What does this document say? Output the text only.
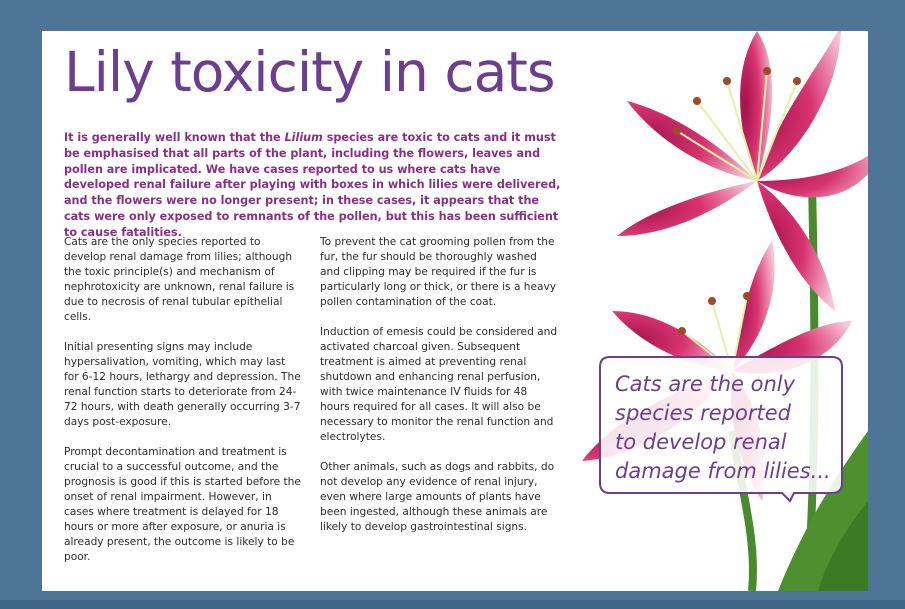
Lily toxicity in cats

It is generally well known that the Lilium species are toxic to cats and it must be emphasised that all parts of the plant, including the flowers, leaves and pollen are implicated. We have cases reported to us where cats have developed renal failure after playing with boxes in which lilies were delivered, and the flowers were no longer present; in these cases, it appears that the cats were only exposed to remnants of the pollen, but this has been sufficient to cause fatalities.

Cats are the only species reported to develop renal damage from lilies; although the toxic principle(s) and mechanism of nephrotoxicity are unknown, renal failure is due to necrosis of renal tubular epithelial cells.

Initial presenting signs may include hypersalivation, vomiting, which may last for 6-12 hours, lethargy and depression. The renal function starts to deteriorate from 24-72 hours, with death generally occurring 3-7 days post-exposure.

Prompt decontamination and treatment is crucial to a successful outcome, and the prognosis is good if this is started before the onset of renal impairment. However, in cases where treatment is delayed for 18 hours or more after exposure, or anuria is already present, the outcome is likely to be poor.

To prevent the cat grooming pollen from the fur, the fur should be thoroughly washed and clipping may be required if the fur is particularly long or thick, or there is a heavy pollen contamination of the coat.

Induction of emesis could be considered and activated charcoal given. Subsequent treatment is aimed at preventing renal shutdown and enhancing renal perfusion, with twice maintenance IV fluids for 48 hours required for all cases. It will also be necessary to monitor the renal function and electrolytes.

Other animals, such as dogs and rabbits, do not develop any evidence of renal injury, even where large amounts of plants have been ingested, although these animals are likely to develop gastrointestinal signs.

Cats are the only
species reported
to develop renal
damage from lilies...
